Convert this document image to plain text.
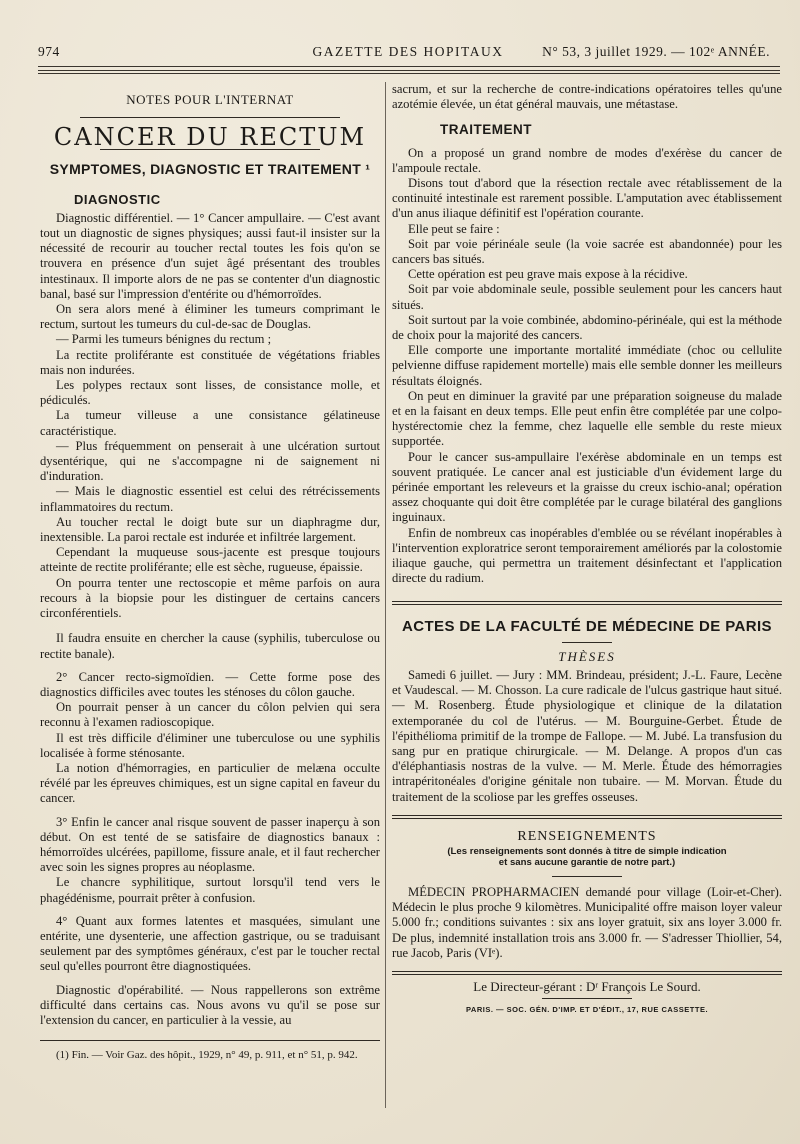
974	GAZETTE DES HOPITAUX	N° 53, 3 juillet 1929. — 102ᵉ ANNÉE.

NOTES POUR L'INTERNAT

CANCER DU RECTUM

SYMPTOMES, DIAGNOSTIC ET TRAITEMENT ¹

DIAGNOSTIC

Diagnostic différentiel. — 1° Cancer ampullaire. — C'est avant tout un diagnostic de signes physiques; aussi faut-il insister sur la nécessité de recourir au toucher rectal toutes les fois qu'on se trouvera en présence d'un sujet âgé présentant des troubles intestinaux. Il importe alors de ne pas se contenter d'un diagnostic banal, basé sur l'impression d'entérite ou d'hémorroïdes.

On sera alors mené à éliminer les tumeurs comprimant le rectum, surtout les tumeurs du cul-de-sac de Douglas.

— Parmi les tumeurs bénignes du rectum ;

La rectite proliférante est constituée de végétations friables mais non indurées.

Les polypes rectaux sont lisses, de consistance molle, et pédiculés.

La tumeur villeuse a une consistance gélatineuse caractéristique.

— Plus fréquemment on penserait à une ulcération surtout dysentérique, qui ne s'accompagne ni de saignement ni d'induration.

— Mais le diagnostic essentiel est celui des rétrécissements inflammatoires du rectum.

Au toucher rectal le doigt bute sur un diaphragme dur, inextensible. La paroi rectale est indurée et infiltrée largement.

Cependant la muqueuse sous-jacente est presque toujours atteinte de rectite proliférante; elle est sèche, rugueuse, épaissie.

On pourra tenter une rectoscopie et même parfois on aura recours à la biopsie pour les distinguer de certains cancers circonférentiels.

Il faudra ensuite en chercher la cause (syphilis, tuberculose ou rectite banale).

2° Cancer recto-sigmoïdien. — Cette forme pose des diagnostics difficiles avec toutes les sténoses du côlon gauche.

On pourrait penser à un cancer du côlon pelvien qui sera reconnu à l'examen radioscopique.

Il est très difficile d'éliminer une tuberculose ou une syphilis localisée à forme sténosante.

La notion d'hémorragies, en particulier de melæna occulte révélé par les épreuves chimiques, est un signe capital en faveur du cancer.

3° Enfin le cancer anal risque souvent de passer inaperçu à son début. On est tenté de se satisfaire de diagnostics banaux : hémorroïdes ulcérées, papillome, fissure anale, et il faut rechercher avec soin les signes propres au néoplasme.

Le chancre syphilitique, surtout lorsqu'il tend vers le phagédénisme, pourrait prêter à confusion.

4° Quant aux formes latentes et masquées, simulant une entérite, une dysenterie, une affection gastrique, ou se traduisant seulement par des symptômes généraux, c'est par le toucher rectal seul qu'elles pourront être diagnostiquées.

Diagnostic d'opérabilité. — Nous rappellerons son extrême difficulté dans certains cas. Nous avons vu qu'il se pose sur l'extension du cancer, en particulier à la vessie, au

(1) Fin. — Voir Gaz. des hôpit., 1929, n° 49, p. 911, et n° 51, p. 942.

sacrum, et sur la recherche de contre-indications opératoires telles qu'une azotémie élevée, un état général mauvais, une métastase.

TRAITEMENT

On a proposé un grand nombre de modes d'exérèse du cancer de l'ampoule rectale.

Disons tout d'abord que la résection rectale avec rétablissement de la continuité intestinale est rarement possible. L'amputation avec établissement d'un anus iliaque définitif est l'opération courante.

Elle peut se faire :

Soit par voie périnéale seule (la voie sacrée est abandonnée) pour les cancers bas situés.

Cette opération est peu grave mais expose à la récidive.

Soit par voie abdominale seule, possible seulement pour les cancers haut situés.

Soit surtout par la voie combinée, abdomino-périnéale, qui est la méthode de choix pour la majorité des cancers.

Elle comporte une importante mortalité immédiate (choc ou cellulite pelvienne diffuse rapidement mortelle) mais elle semble donner les meilleurs résultats éloignés.

On peut en diminuer la gravité par une préparation soigneuse du malade et en la faisant en deux temps. Elle peut enfin être complétée par une colpo-hystérectomie chez la femme, chez laquelle elle semble du reste mieux supportée.

Pour le cancer sus-ampullaire l'exérèse abdominale en un temps est souvent pratiquée. Le cancer anal est justiciable d'un évidement large du périnée emportant les releveurs et la graisse du creux ischio-anal; opération assez choquante qui doit être complétée par le curage bilatéral des ganglions inguinaux.

Enfin de nombreux cas inopérables d'emblée ou se révélant inopérables à l'intervention exploratrice seront temporairement améliorés par la colostomie iliaque gauche, qui permettra un traitement désinfectant et l'application directe du radium.

ACTES DE LA FACULTÉ DE MÉDECINE DE PARIS

THÈSES

Samedi 6 juillet. — Jury : MM. Brindeau, président; J.-L. Faure, Lecène et Vaudescal. — M. Chosson. La cure radicale de l'ulcus gastrique haut situé. — M. Rosenberg. Étude physiologique et clinique de la dilatation extemporanée du col de l'utérus. — M. Bourguine-Gerbet. Étude de l'épithélioma primitif de la trompe de Fallope. — M. Jubé. La transfusion du sang pur en pratique chirurgicale. — M. Delange. A propos d'un cas d'éléphantiasis nostras de la vulve. — M. Merle. Étude des hémorragies intrapéritonéales d'origine génitale non tubaire. — M. Morvan. Étude du traitement de la scoliose par les greffes osseuses.

RENSEIGNEMENTS

(Les renseignements sont donnés à titre de simple indication

et sans aucune garantie de notre part.)

MÉDECIN PROPHARMACIEN demandé pour village (Loir-et-Cher). Médecin le plus proche 9 kilomètres. Municipalité offre maison loyer valeur 5.000 fr.; conditions suivantes : six ans loyer gratuit, six ans loyer 3.000 fr. De plus, indemnité installation trois ans 3.000 fr. — S'adresser Thiollier, 54, rue Jacob, Paris (VIᵉ).

Le Directeur-gérant : Dʳ François Le Sourd.

PARIS. — SOC. GÉN. D'IMP. ET D'ÉDIT., 17, RUE CASSETTE.
